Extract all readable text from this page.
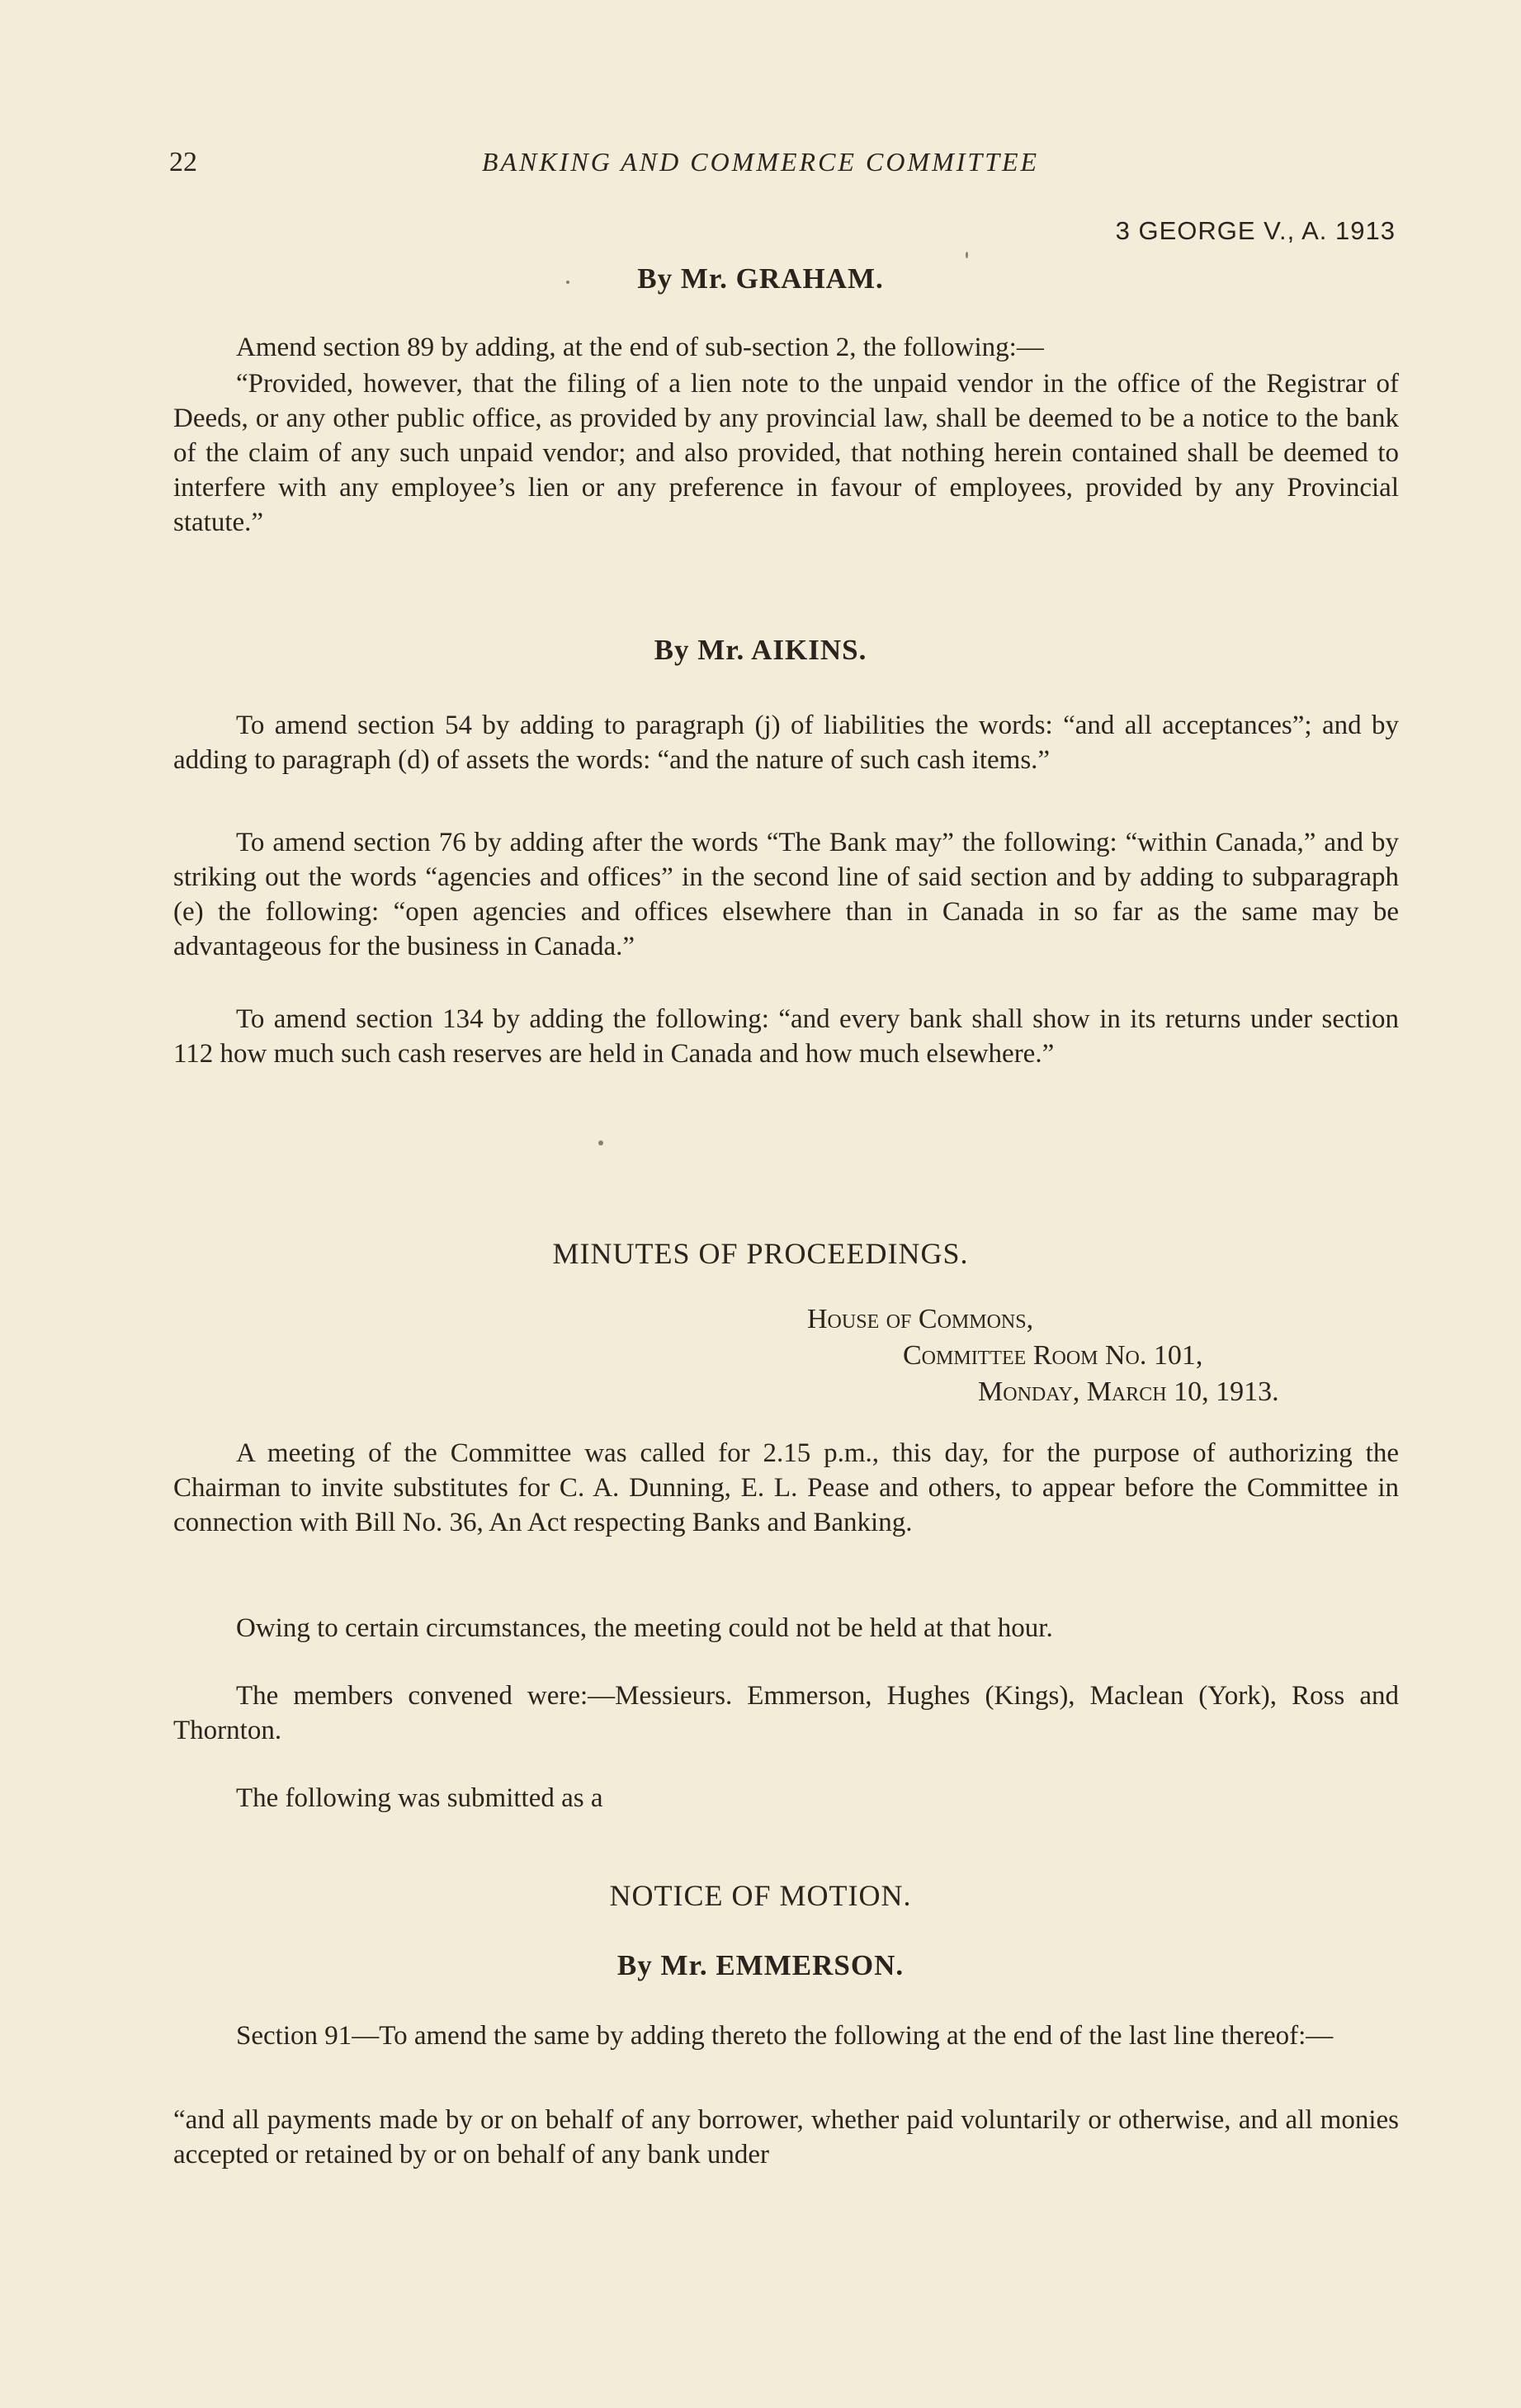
22	BANKING AND COMMERCE COMMITTEE
3 GEORGE V., A. 1913
By Mr. GRAHAM.

Amend section 89 by adding, at the end of sub-section 2, the following:—

“Provided, however, that the filing of a lien note to the unpaid vendor in the office of the Registrar of Deeds, or any other public office, as provided by any provincial law, shall be deemed to be a notice to the bank of the claim of any such unpaid vendor; and also provided, that nothing herein contained shall be deemed to interfere with any employee’s lien or any preference in favour of employees, provided by any Provincial statute.”

By Mr. AIKINS.

To amend section 54 by adding to paragraph (j) of liabilities the words: “and all acceptances”; and by adding to paragraph (d) of assets the words: “and the nature of such cash items.”

To amend section 76 by adding after the words “The Bank may” the following: “within Canada,” and by striking out the words “agencies and offices” in the second line of said section and by adding to subparagraph (e) the following: “open agencies and offices elsewhere than in Canada in so far as the same may be advantageous for the business in Canada.”

To amend section 134 by adding the following: “and every bank shall show in its returns under section 112 how much such cash reserves are held in Canada and how much elsewhere.”

MINUTES OF PROCEEDINGS.
House of Commons,
Committee Room No. 101,
Monday, March 10, 1913.

A meeting of the Committee was called for 2.15 p.m., this day, for the purpose of authorizing the Chairman to invite substitutes for C. A. Dunning, E. L. Pease and others, to appear before the Committee in connection with Bill No. 36, An Act respecting Banks and Banking.

Owing to certain circumstances, the meeting could not be held at that hour.

The members convened were:—Messieurs. Emmerson, Hughes (Kings), Maclean (York), Ross and Thornton.

The following was submitted as a

NOTICE OF MOTION.
By Mr. EMMERSON.

Section 91—To amend the same by adding thereto the following at the end of the last line thereof:—

“and all payments made by or on behalf of any borrower, whether paid voluntarily or otherwise, and all monies accepted or retained by or on behalf of any bank under
